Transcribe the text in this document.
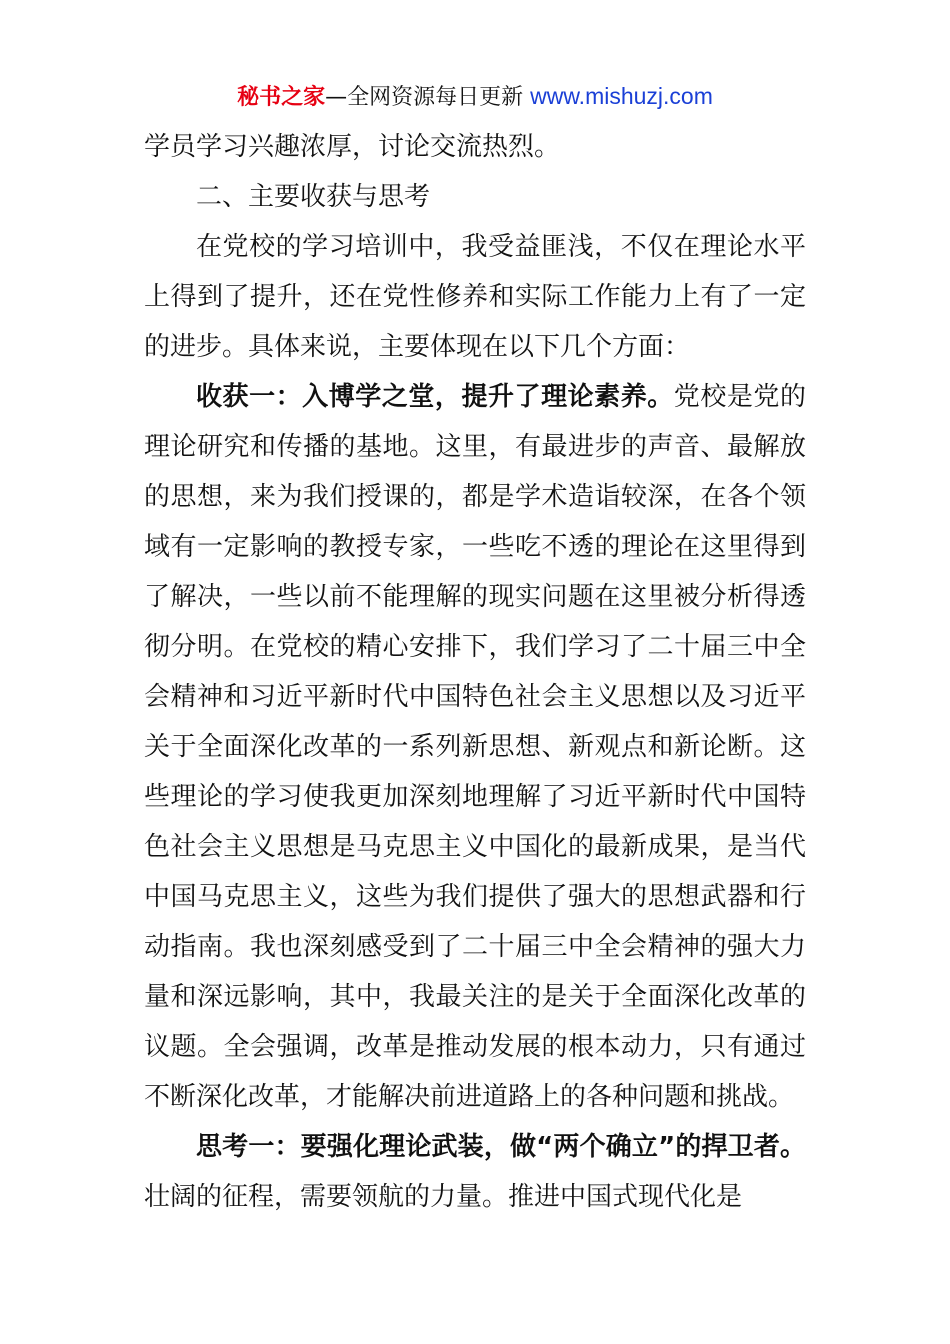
秘书之家—全网资源每日更新 www.mishuzj.com

学员学习兴趣浓厚，讨论交流热烈。

二、主要收获与思考

在党校的学习培训中，我受益匪浅，不仅在理论水平上得到了提升，还在党性修养和实际工作能力上有了一定的进步。具体来说，主要体现在以下几个方面：

收获一：入博学之堂，提升了理论素养。党校是党的理论研究和传播的基地。这里，有最进步的声音、最解放的思想，来为我们授课的，都是学术造诣较深，在各个领域有一定影响的教授专家，一些吃不透的理论在这里得到了解决，一些以前不能理解的现实问题在这里被分析得透彻分明。在党校的精心安排下，我们学习了二十届三中全会精神和习近平新时代中国特色社会主义思想以及习近平关于全面深化改革的一系列新思想、新观点和新论断。这些理论的学习使我更加深刻地理解了习近平新时代中国特色社会主义思想是马克思主义中国化的最新成果，是当代中国马克思主义，这些为我们提供了强大的思想武器和行动指南。我也深刻感受到了二十届三中全会精神的强大力量和深远影响，其中，我最关注的是关于全面深化改革的议题。全会强调，改革是推动发展的根本动力，只有通过不断深化改革，才能解决前进道路上的各种问题和挑战。

思考一：要强化理论武装，做“两个确立”的捍卫者。壮阔的征程，需要领航的力量。推进中国式现代化是
